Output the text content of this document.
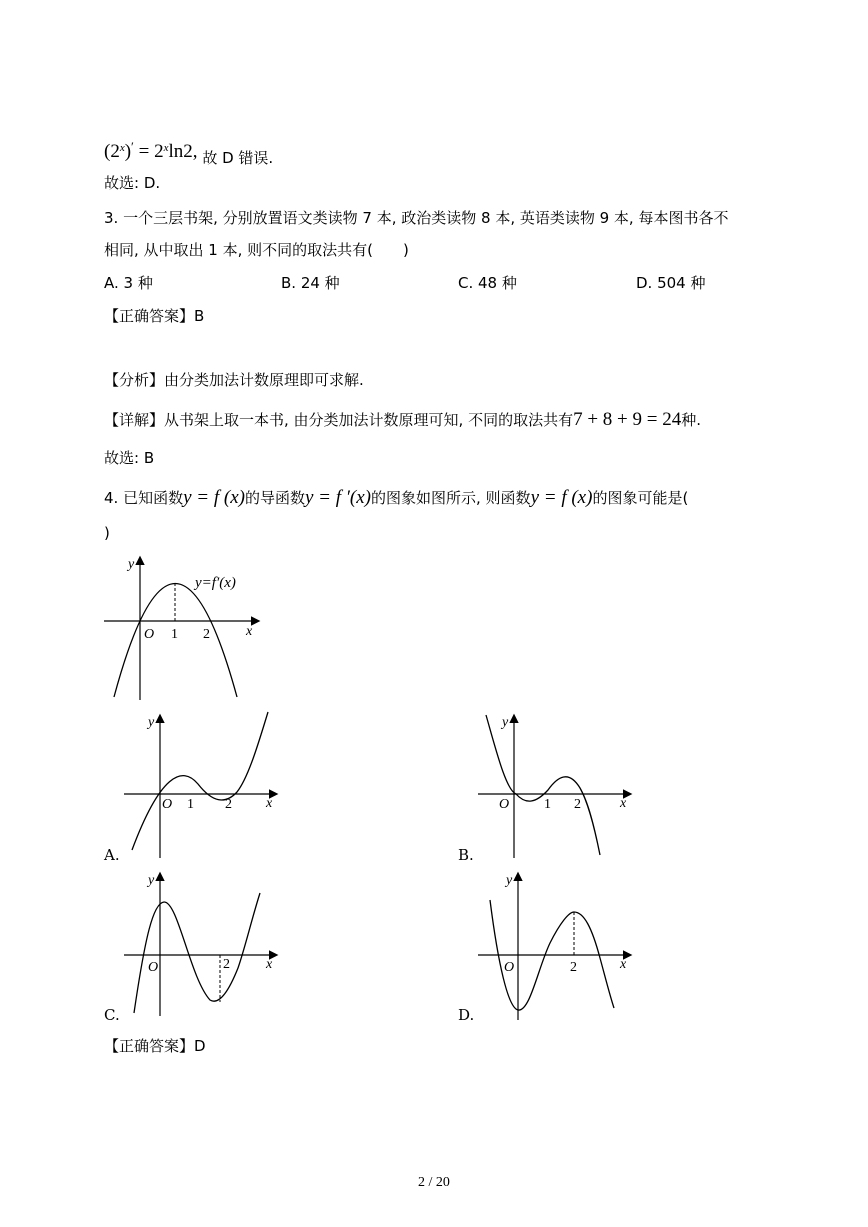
$(2^x)' = 2^x\ln 2$, 故 D 错误.
故选: D.
3. 一个三层书架, 分别放置语文类读物 7 本, 政治类读物 8 本, 英语类读物 9 本, 每本图书各不
相同, 从中取出 1 本, 则不同的取法共有(　　)
A. 3 种	B. 24 种	C. 48 种	D. 504 种
【正确答案】B
【分析】由分类加法计数原理即可求解.
【详解】从书架上取一本书, 由分类加法计数原理可知, 不同的取法共有7 + 8 + 9 = 24种.
故选: B
4. 已知函数y = f (x)的导函数y = f ′(x)的图象如图所示, 则函数y = f (x)的图象可能是(
)
y
x
O 1 2
y=f′(x)
y
x
O 1 2
A.
y
x
O 1 2
B.
y
x
O	2
C.
y
x
O	2
D.
【正确答案】D
2 / 20
